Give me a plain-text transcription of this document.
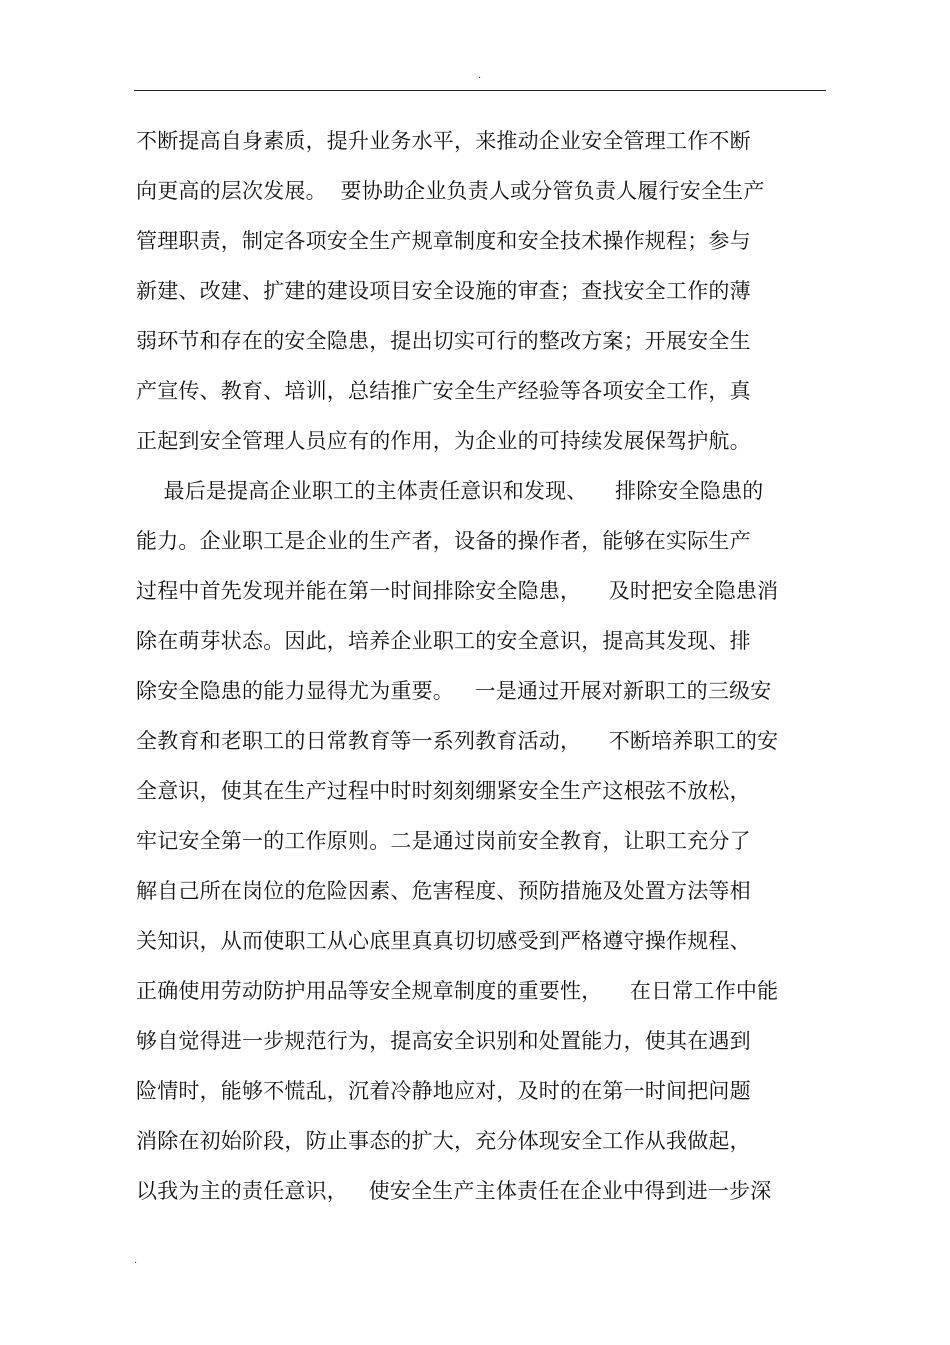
.
不断提高自身素质，提升业务水平，来推动企业安全管理工作不断
向更高的层次发展。  要协助企业负责人或分管负责人履行安全生产
管理职责，制定各项安全生产规章制度和安全技术操作规程；参与
新建、改建、扩建的建设项目安全设施的审查；查找安全工作的薄
弱环节和存在的安全隐患，提出切实可行的整改方案；开展安全生
产宣传、教育、培训，总结推广安全生产经验等各项安全工作，真
正起到安全管理人员应有的作用，为企业的可持续发展保驾护航。
最后是提高企业职工的主体责任意识和发现、    排除安全隐患的
能力。企业职工是企业的生产者，设备的操作者，能够在实际生产
过程中首先发现并能在第一时间排除安全隐患，    及时把安全隐患消
除在萌芽状态。因此，培养企业职工的安全意识，提高其发现、排
除安全隐患的能力显得尤为重要。   一是通过开展对新职工的三级安
全教育和老职工的日常教育等一系列教育活动，    不断培养职工的安
全意识，使其在生产过程中时时刻刻绷紧安全生产这根弦不放松，
牢记安全第一的工作原则。二是通过岗前安全教育，让职工充分了
解自己所在岗位的危险因素、危害程度、预防措施及处置方法等相
关知识，从而使职工从心底里真真切切感受到严格遵守操作规程、
正确使用劳动防护用品等安全规章制度的重要性，    在日常工作中能
够自觉得进一步规范行为，提高安全识别和处置能力，使其在遇到
险情时，能够不慌乱，沉着冷静地应对，及时的在第一时间把问题
消除在初始阶段，防止事态的扩大，充分体现安全工作从我做起，
以我为主的责任意识，   使安全生产主体责任在企业中得到进一步深
.
